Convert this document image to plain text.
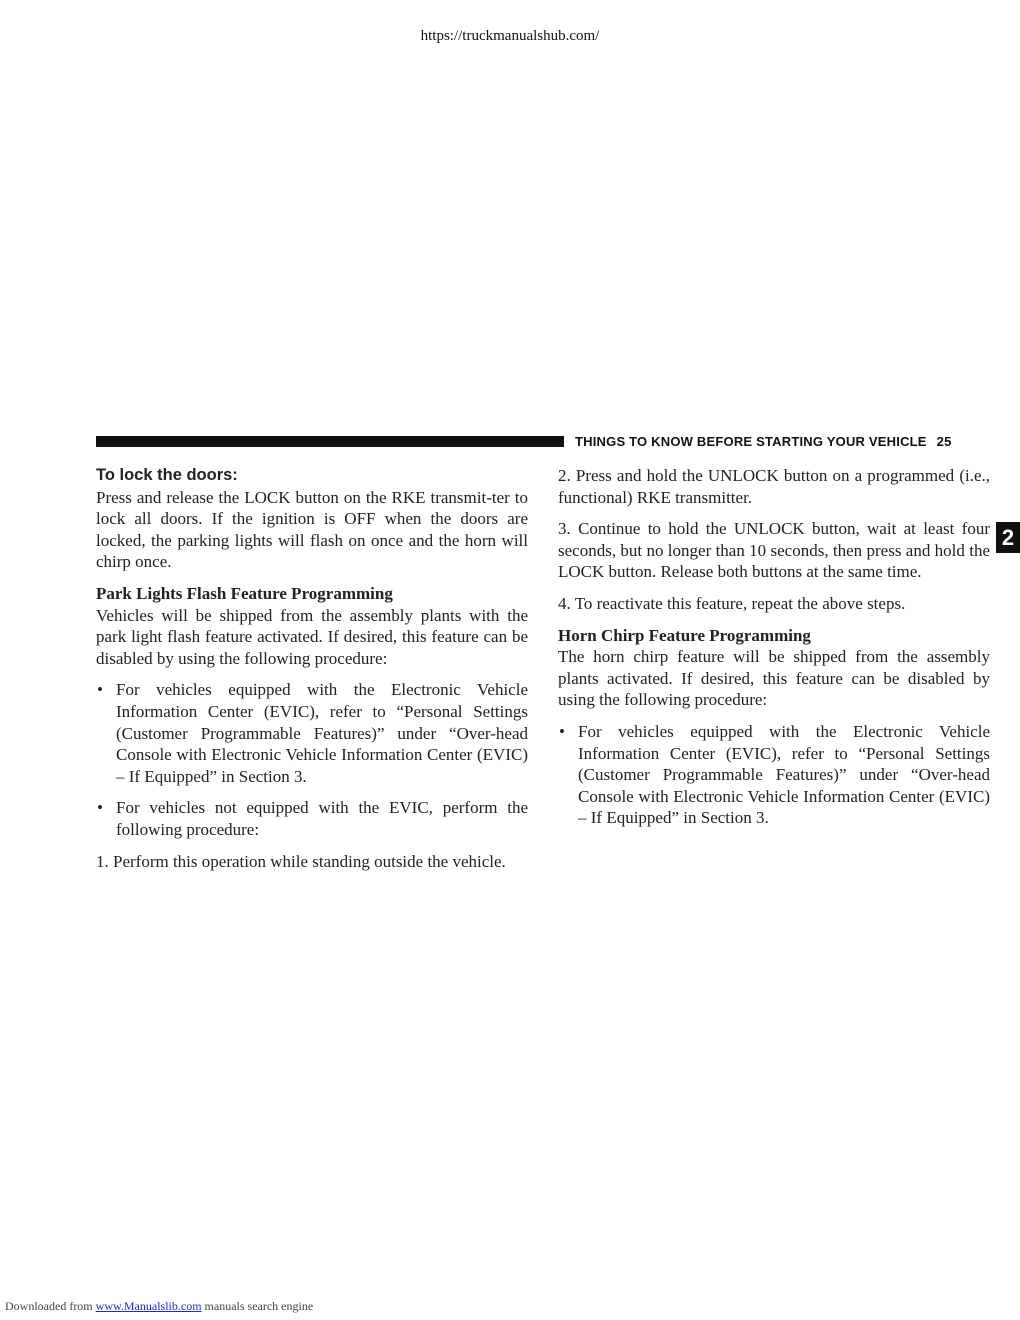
https://truckmanualshub.com/
THINGS TO KNOW BEFORE STARTING YOUR VEHICLE 25
2

To lock the doors:

Press and release the LOCK button on the RKE transmit-ter to lock all doors. If the ignition is OFF when the doors are locked, the parking lights will flash on once and the horn will chirp once.

Park Lights Flash Feature Programming

Vehicles will be shipped from the assembly plants with the park light flash feature activated. If desired, this feature can be disabled by using the following procedure:

• For vehicles equipped with the Electronic Vehicle Information Center (EVIC), refer to “Personal Settings (Customer Programmable Features)” under “Over-head Console with Electronic Vehicle Information Center (EVIC) – If Equipped” in Section 3.

• For vehicles not equipped with the EVIC, perform the following procedure:

1. Perform this operation while standing outside the vehicle.

2. Press and hold the UNLOCK button on a programmed (i.e., functional) RKE transmitter.

3. Continue to hold the UNLOCK button, wait at least four seconds, but no longer than 10 seconds, then press and hold the LOCK button. Release both buttons at the same time.

4. To reactivate this feature, repeat the above steps.

Horn Chirp Feature Programming

The horn chirp feature will be shipped from the assembly plants activated. If desired, this feature can be disabled by using the following procedure:

• For vehicles equipped with the Electronic Vehicle Information Center (EVIC), refer to “Personal Settings (Customer Programmable Features)” under “Over-head Console with Electronic Vehicle Information Center (EVIC) – If Equipped” in Section 3.

Downloaded from www.Manualslib.com manuals search engine
